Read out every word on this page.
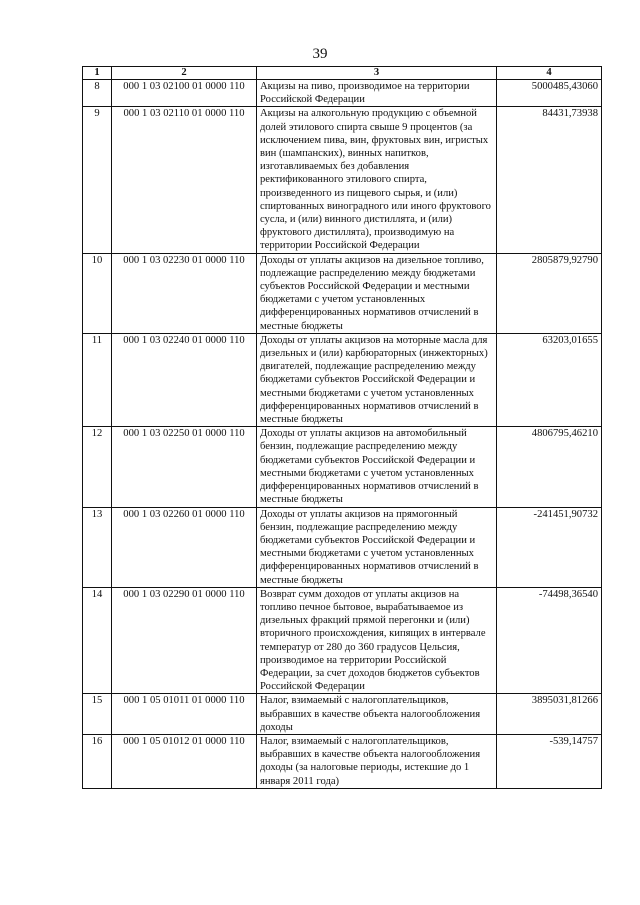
39
1	2	3	4
8	000 1 03 02100 01 0000 110	Акцизы на пиво, производимое на территории Российской Федерации	5000485,43060
9	000 1 03 02110 01 0000 110	Акцизы на алкогольную продукцию с объемной долей этилового спирта свыше 9 процентов (за исключением пива, вин, фруктовых вин, игристых вин (шампанских), винных напитков, изготавливаемых без добавления ректификованного этилового спирта, произведенного из пищевого сырья, и (или) спиртованных виноградного или иного фруктового сусла, и (или) винного дистиллята, и (или) фруктового дистиллята), производимую на территории Российской Федерации	84431,73938
10	000 1 03 02230 01 0000 110	Доходы от уплаты акцизов на дизельное топливо, подлежащие распределению между бюджетами субъектов Российской Федерации и местными бюджетами с учетом установленных дифференцированных нормативов отчислений в местные бюджеты	2805879,92790
11	000 1 03 02240 01 0000 110	Доходы от уплаты акцизов на моторные масла для дизельных и (или) карбюраторных (инжекторных) двигателей, подлежащие распределению между бюджетами субъектов Российской Федерации и местными бюджетами с учетом установленных дифференцированных нормативов отчислений в местные бюджеты	63203,01655
12	000 1 03 02250 01 0000 110	Доходы от уплаты акцизов на автомобильный бензин, подлежащие распределению между бюджетами субъектов Российской Федерации и местными бюджетами с учетом установленных дифференцированных нормативов отчислений в местные бюджеты	4806795,46210
13	000 1 03 02260 01 0000 110	Доходы от уплаты акцизов на прямогонный бензин, подлежащие распределению между бюджетами субъектов Российской Федерации и местными бюджетами с учетом установленных дифференцированных нормативов отчислений в местные бюджеты	-241451,90732
14	000 1 03 02290 01 0000 110	Возврат сумм доходов от уплаты акцизов на топливо печное бытовое, вырабатываемое из дизельных фракций прямой перегонки и (или) вторичного происхождения, кипящих в интервале температур от 280 до 360 градусов Цельсия, производимое на территории Российской Федерации, за счет доходов бюджетов субъектов Российской Федерации	-74498,36540
15	000 1 05 01011 01 0000 110	Налог, взимаемый с налогоплательщиков, выбравших в качестве объекта налогообложения доходы	3895031,81266
16	000 1 05 01012 01 0000 110	Налог, взимаемый с налогоплательщиков, выбравших в качестве объекта налогообложения доходы (за налоговые периоды, истекшие до 1 января 2011 года)	-539,14757
